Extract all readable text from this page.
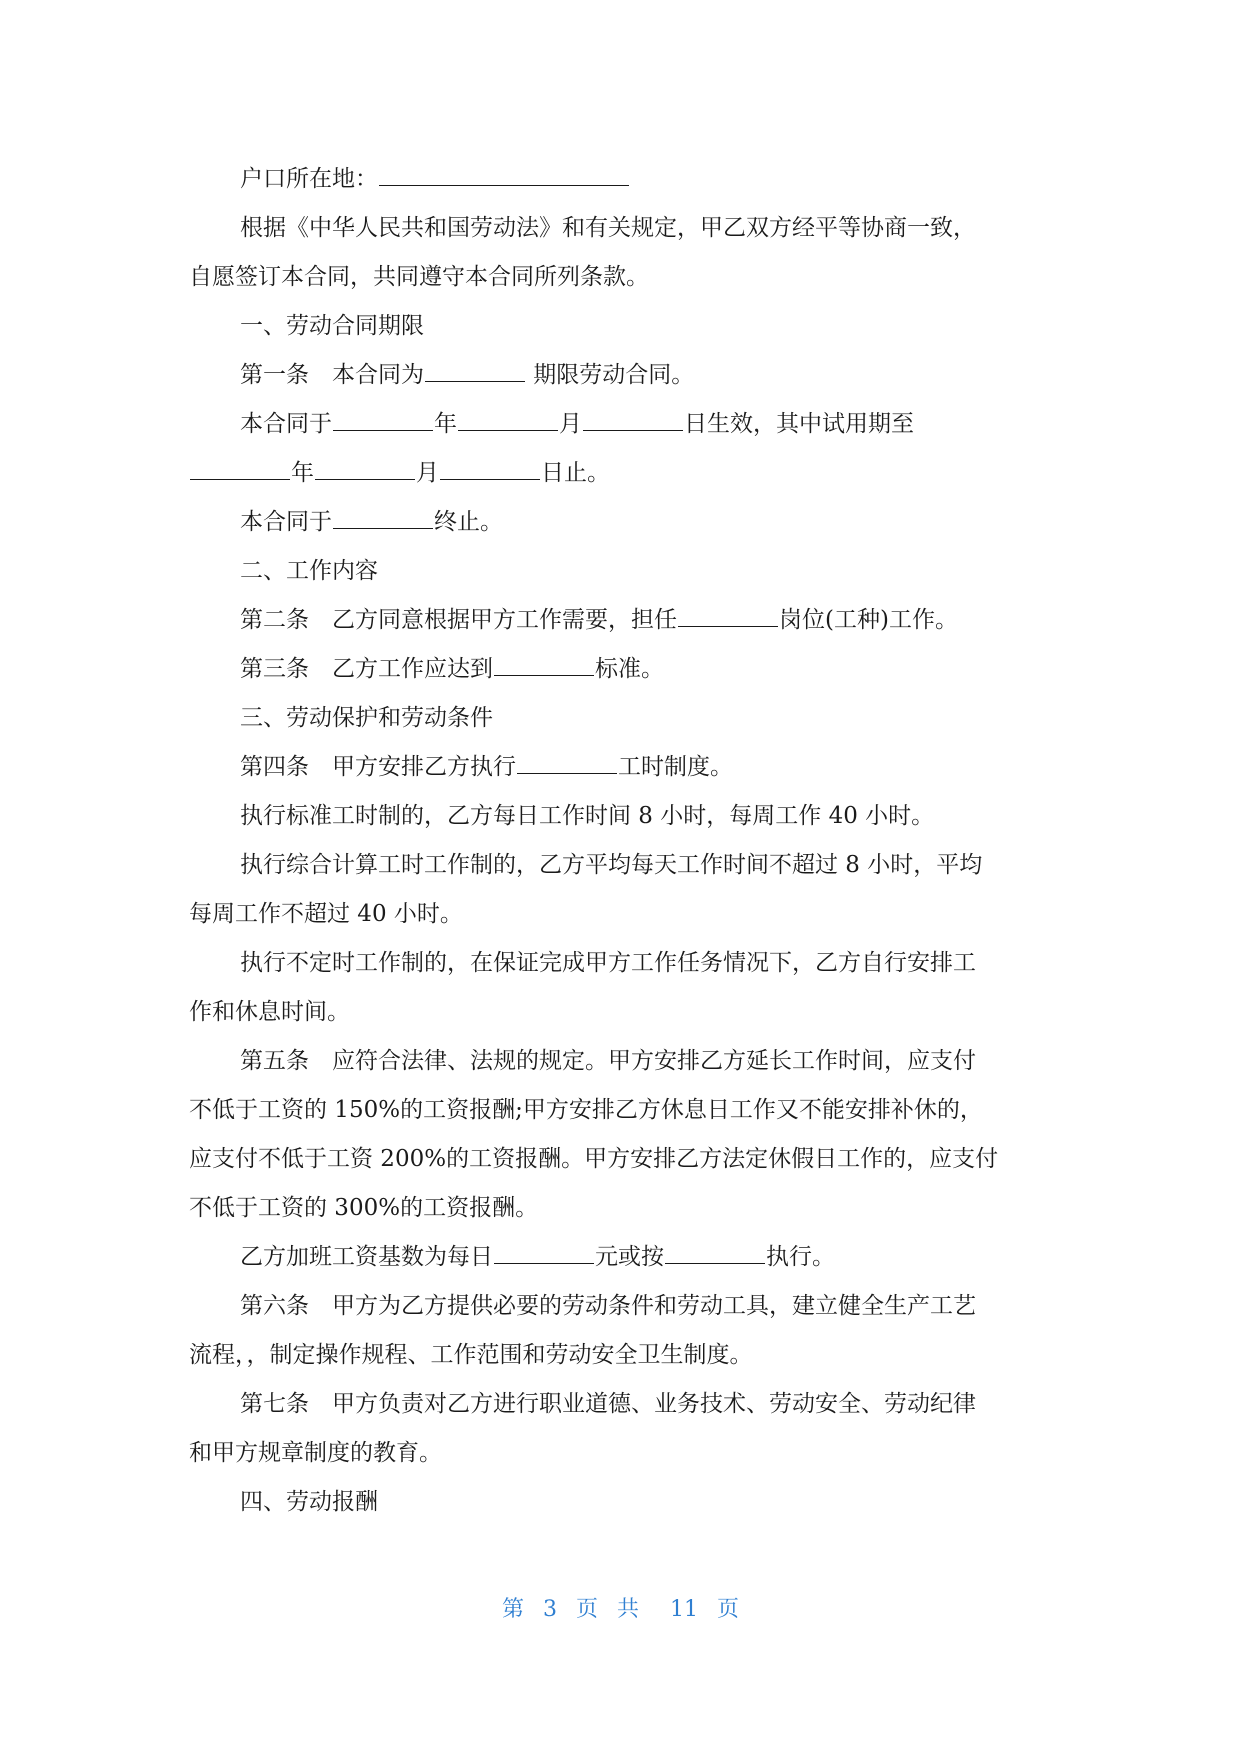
户口所在地：
根据《中华人民共和国劳动法》和有关规定，甲乙双方经平等协商一致，
自愿签订本合同，共同遵守本合同所列条款。
一、劳动合同期限
第一条　本合同为	期限劳动合同。
本合同于	年	月	日生效，其中试用期至
年	月	日止。
本合同于	终止。
二、工作内容
第二条　乙方同意根据甲方工作需要，担任	岗位(工种)工作。
第三条　乙方工作应达到	标准。
三、劳动保护和劳动条件
第四条　甲方安排乙方执行	工时制度。
执行标准工时制的，乙方每日工作时间 8 小时，每周工作 40 小时。
执行综合计算工时工作制的，乙方平均每天工作时间不超过 8 小时，平均
每周工作不超过 40 小时。
执行不定时工作制的，在保证完成甲方工作任务情况下，乙方自行安排工
作和休息时间。
第五条　应符合法律、法规的规定。甲方安排乙方延长工作时间，应支付
不低于工资的 150%的工资报酬;甲方安排乙方休息日工作又不能安排补休的，
应支付不低于工资 200%的工资报酬。甲方安排乙方法定休假日工作的，应支付
不低于工资的 300%的工资报酬。
乙方加班工资基数为每日	元或按	执行。
第六条　甲方为乙方提供必要的劳动条件和劳动工具，建立健全生产工艺
流程，，制定操作规程、工作范围和劳动安全卫生制度。
第七条　甲方负责对乙方进行职业道德、业务技术、劳动安全、劳动纪律
和甲方规章制度的教育。
四、劳动报酬
第 3 页 共 11 页
